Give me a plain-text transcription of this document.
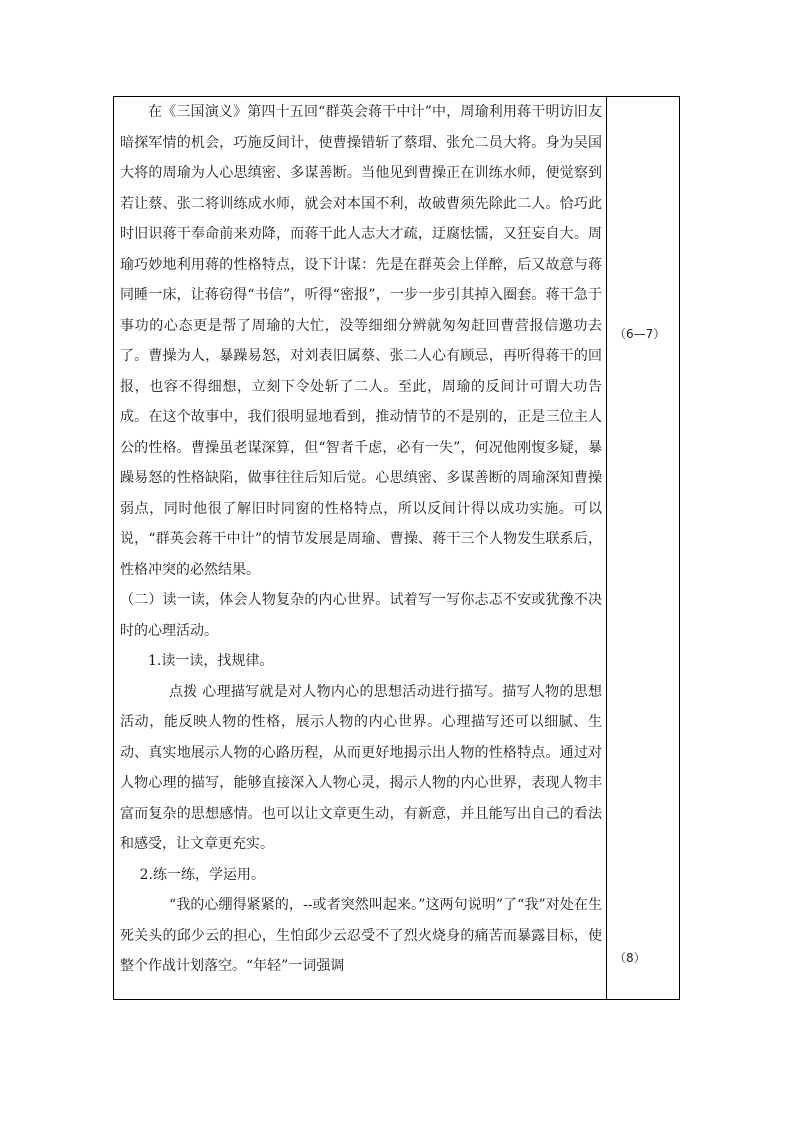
在《三国演义》第四十五回“群英会蒋干中计”中，周瑜利用蒋干明访旧友暗探军情的机会，巧施反间计，使曹操错斩了蔡瑁、张允二员大将。身为吴国大将的周瑜为人心思缜密、多谋善断。当他见到曹操正在训练水师，便觉察到若让蔡、张二将训练成水师，就会对本国不利，故破曹须先除此二人。恰巧此时旧识蒋干奉命前来劝降，而蒋干此人志大才疏，迂腐怯懦，又狂妄自大。周瑜巧妙地利用蒋的性格特点，设下计谋：先是在群英会上佯醉，后又故意与蒋同睡一床，让蒋窃得“书信”，听得“密报”，一步一步引其掉入圈套。蒋干急于事功的心态更是帮了周瑜的大忙，没等细细分辨就匆匆赶回曹营报信邀功去了。曹操为人，暴躁易怒，对刘表旧属蔡、张二人心有顾忌，再听得蒋干的回报，也容不得细想，立刻下令处斩了二人。至此，周瑜的反间计可谓大功告成。在这个故事中，我们很明显地看到，推动情节的不是别的，正是三位主人公的性格。曹操虽老谋深算，但“智者千虑，必有一失”，何况他刚愎多疑，暴躁易怒的性格缺陷，做事往往后知后觉。心思缜密、多谋善断的周瑜深知曹操弱点，同时他很了解旧时同窗的性格特点，所以反间计得以成功实施。可以说，“群英会蒋干中计”的情节发展是周瑜、曹操、蒋干三个人物发生联系后，性格冲突的必然结果。

（二）读一读，体会人物复杂的内心世界。试着写一写你忐忑不安或犹豫不决时的心理活动。

1.读一读，找规律。

点拨 心理描写就是对人物内心的思想活动进行描写。描写人物的思想活动，能反映人物的性格，展示人物的内心世界。心理描写还可以细腻、生动、真实地展示人物的心路历程，从而更好地揭示出人物的性格特点。通过对人物心理的描写，能够直接深入人物心灵，揭示人物的内心世界，表现人物丰富而复杂的思想感情。也可以让文章更生动，有新意，并且能写出自己的看法和感受，让文章更充实。

2.练一练，学运用。

“我的心绷得紧紧的，--或者突然叫起来。”这两句说明”了“我”对处在生死关头的邱少云的担心，生怕邱少云忍受不了烈火烧身的痛苦而暴露目标，使整个作战计划落空。“年轻”一词强调

（6—7）
（8）
